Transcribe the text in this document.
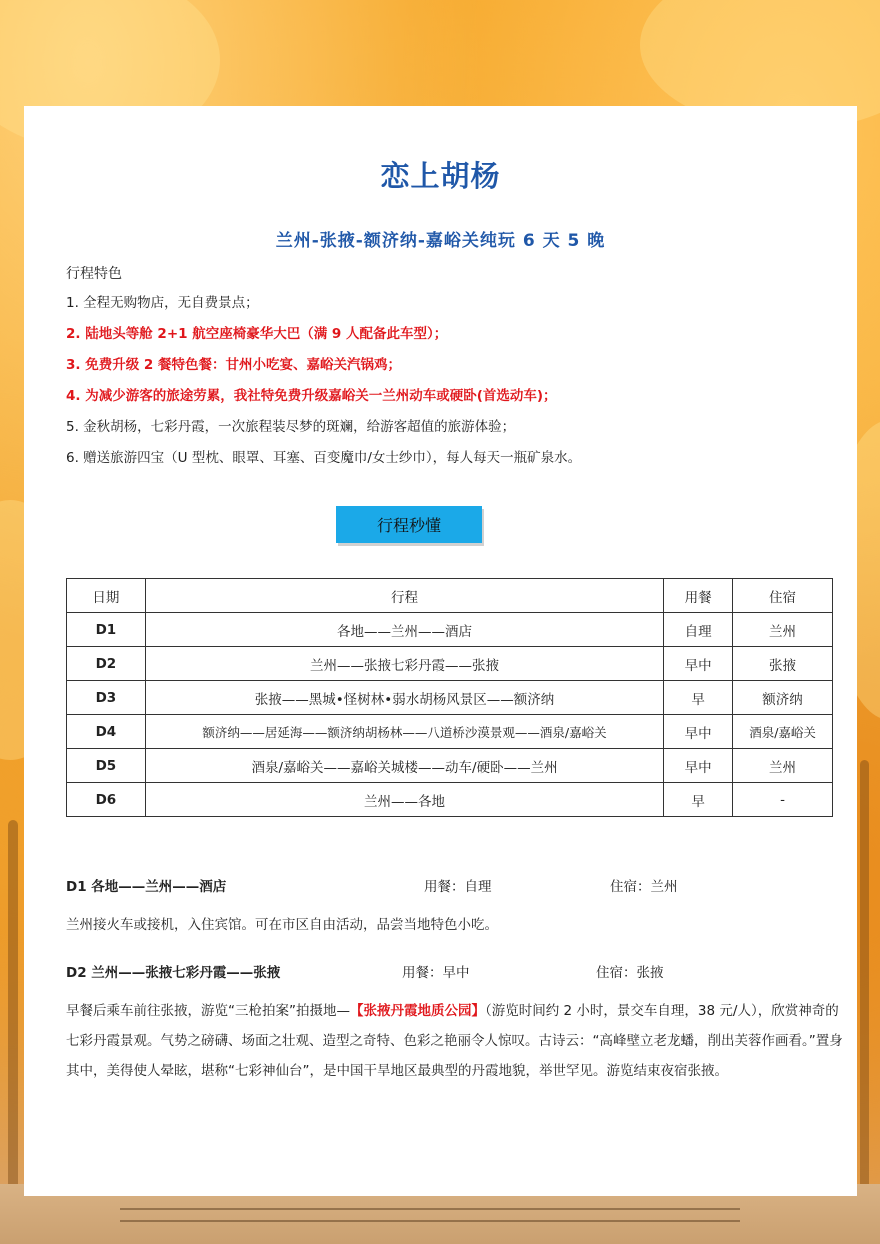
恋上胡杨
兰州-张掖-额济纳-嘉峪关纯玩 6 天 5 晚
行程特色
1. 全程无购物店，无自费景点；
2. 陆地头等舱 2+1 航空座椅豪华大巴（满 9 人配备此车型）；
3. 免费升级 2 餐特色餐：甘州小吃宴、嘉峪关汽锅鸡；
4. 为减少游客的旅途劳累，我社特免费升级嘉峪关一兰州动车或硬卧(首选动车)；
5. 金秋胡杨，七彩丹霞，一次旅程装尽梦的斑斓，给游客超值的旅游体验；
6. 赠送旅游四宝（U 型枕、眼罩、耳塞、百变魔巾/女士纱巾），每人每天一瓶矿泉水。
行程秒懂
日期	行程	用餐	住宿
D1	各地——兰州——酒店	自理	兰州
D2	兰州——张掖七彩丹霞——张掖	早中	张掖
D3	张掖——黑城•怪树林•弱水胡杨风景区——额济纳	早	额济纳
D4	额济纳——居延海——额济纳胡杨林——八道桥沙漠景观——酒泉/嘉峪关	早中	酒泉/嘉峪关
D5	酒泉/嘉峪关——嘉峪关城楼——动车/硬卧——兰州	早中	兰州
D6	兰州——各地	早	-
D1 各地——兰州——酒店	用餐：自理	住宿：兰州
兰州接火车或接机，入住宾馆。可在市区自由活动，品尝当地特色小吃。
D2 兰州——张掖七彩丹霞——张掖	用餐：早中	住宿：张掖
早餐后乘车前往张掖，游览“三枪拍案”拍摄地—【张掖丹霞地质公园】（游览时间约 2 小时，景交车自理，38 元/人），欣赏神奇的七彩丹霞景观。气势之磅礴、场面之壮观、造型之奇特、色彩之艳丽令人惊叹。古诗云：“高峰壁立老龙蟠，削出芙蓉作画看。”置身其中，美得使人晕眩，堪称“七彩神仙台”，是中国干旱地区最典型的丹霞地貌，举世罕见。游览结束夜宿张掖。
